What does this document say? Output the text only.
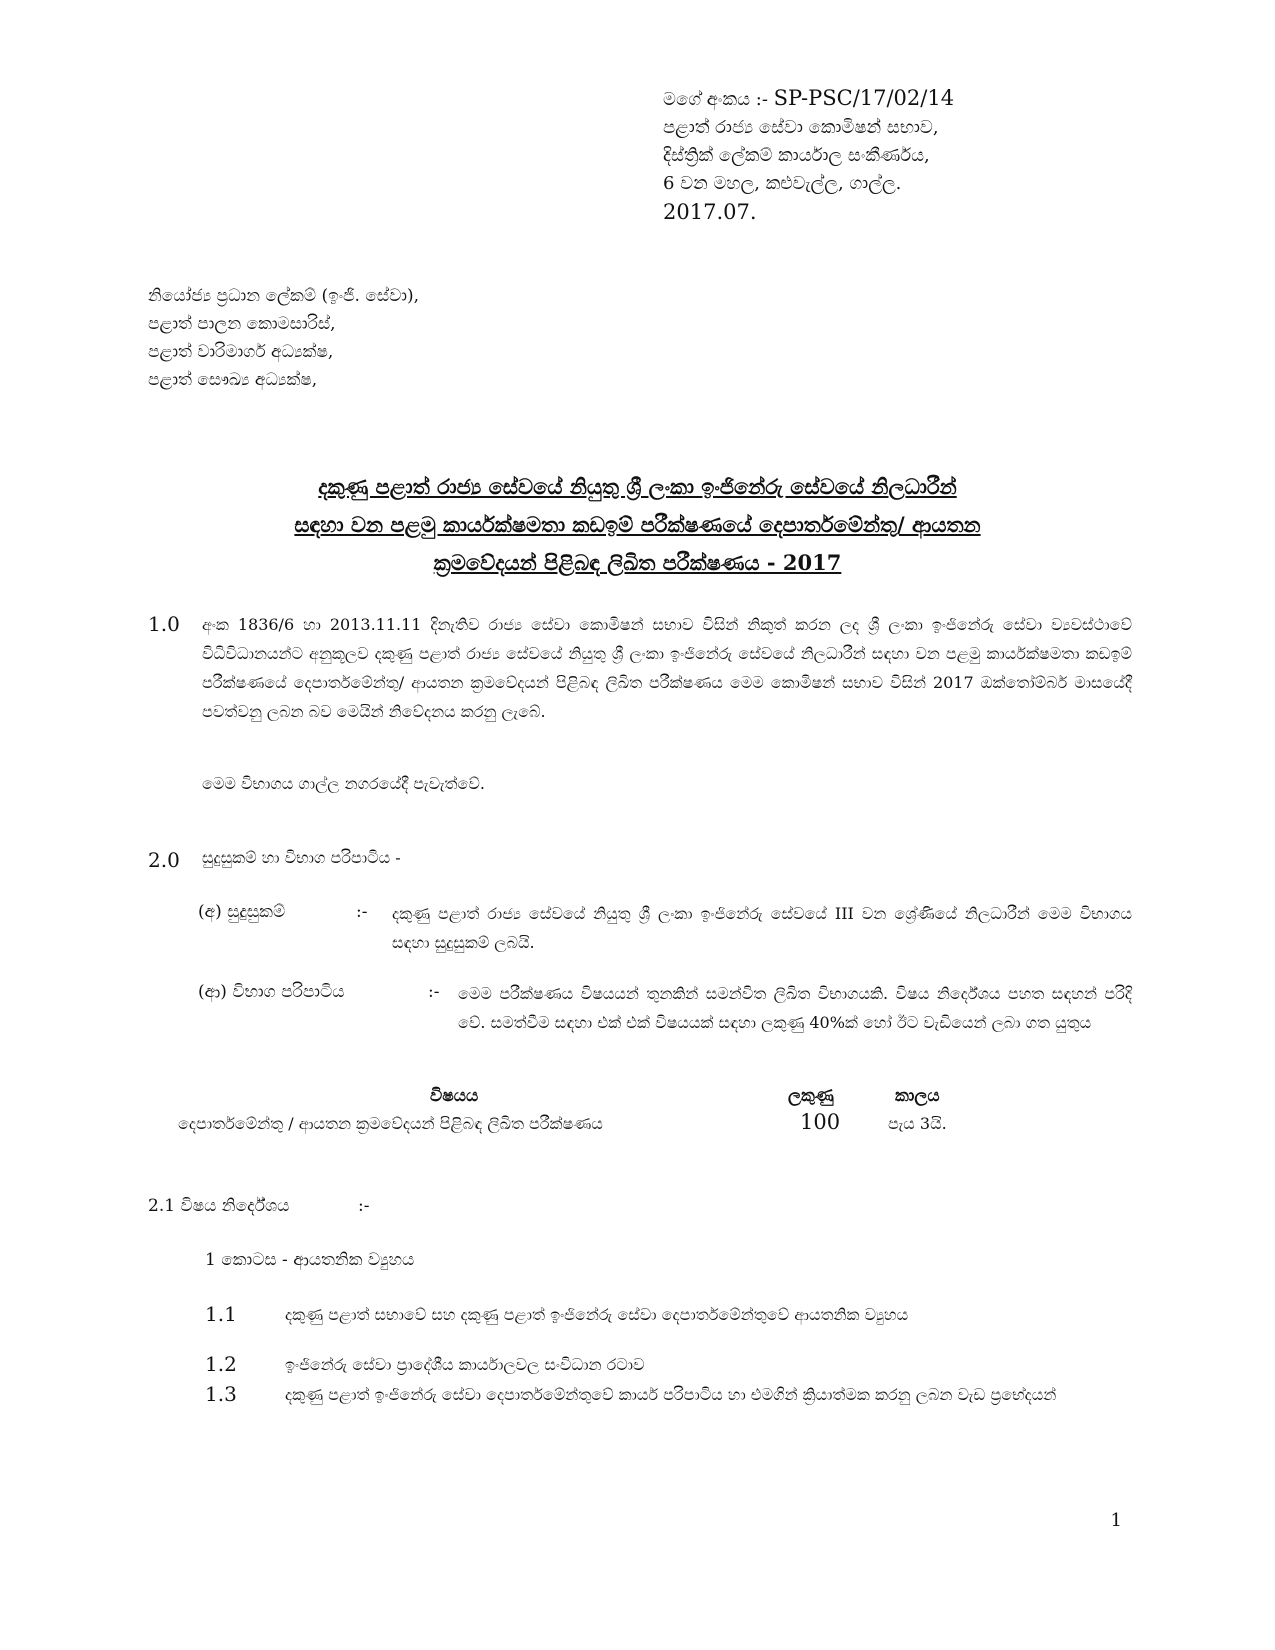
මගේ අංකය :- SP-PSC/17/02/14
පළාත් රාජ්‍ය සේවා කොමිෂන් සභාව,
දිස්ත්‍රික් ලේකම් කාර්යාල සංකීර්ණය,
6 වන මහල, කළුවැල්ල, ගාල්ල.
2017.07.
නියෝජ්‍ය ප්‍රධාන ලේකම් (ඉංජි. සේවා),
පළාත් පාලන කොමසාරිස්,
පළාත් වාරිමාර්ග අධ්‍යක්ෂ,
පළාත් සෞඛ්‍ය අධ්‍යක්ෂ,
දකුණු පළාත් රාජ්‍ය සේවයේ නියුතු ශ්‍රී ලංකා ඉංජිනේරු සේවයේ නිලධාරීන්
සඳහා වන පළමු කාර්යක්ෂමතා කඩඉම් පරීක්ෂණයේ දෙපාර්තමේන්තු/ ආයතන
ක්‍රමවේදයන් පිළිබඳ ලිඛිත පරීක්ෂණය - 2017
1.0 අංක 1836/6 හා 2013.11.11 දිනැතිව රාජ්‍ය සේවා කොමිෂන් සභාව විසින් නිකුත් කරන ලද ශ්‍රී ලංකා ඉංජිනේරු සේවා ව්‍යවස්ථාවේ විධිවිධානයන්ට අනුකූලව දකුණු පළාත් රාජ්‍ය සේවයේ නියුතු ශ්‍රී ලංකා ඉංජිනේරු සේවයේ නිලධාරීන් සඳහා වන පළමු කාර්යක්ෂමතා කඩඉම් පරීක්ෂණයේ දෙපාර්තමේන්තු/ ආයතන ක්‍රමවේදයන් පිළිබඳ ලිඛිත පරීක්ෂණය මෙම කොමිෂන් සභාව විසින් 2017 ඔක්තෝම්බර් මාසයේදී පවත්වනු ලබන බව මෙයින් නිවේදනය කරනු ලැබේ.
මෙම විභාගය ගාල්ල නගරයේදී පැවැත්වේ.
2.0 සුදුසුකම් හා විභාග පරිපාටිය -
(අ) සුදුසුකම්	:- දකුණු පළාත් රාජ්‍ය සේවයේ නියුතු ශ්‍රී ලංකා ඉංජිනේරු සේවයේ III වන ශ්‍රේණියේ නිලධාරීන් මෙම විභාගය සඳහා සුදුසුකම් ලබයි.
(ආ) විභාග පරිපාටිය	:- මෙම පරීක්ෂණය විෂයයන් තුනකින් සමන්විත ලිඛිත විභාගයකි. විෂය නිර්දේශය පහත සඳහන් පරිදි වේ. සමත්වීම සඳහා එක් එක් විෂයයක් සඳහා ලකුණු 40%ක් හෝ ඊට වැඩියෙන් ලබා ගත යුතුය
විෂයය	ලකුණු	කාලය
දෙපාර්තමේන්තු / ආයතන ක්‍රමවේදයන් පිළිබඳ ලිඛිත පරීක්ෂණය	100	පැය 3යි.
2.1 විෂය නිර්දේශය	:-
1 කොටස - ආයතනික ව්‍යුහය
1.1	දකුණු පළාත් සභාවේ සහ දකුණු පළාත් ඉංජිනේරු සේවා දෙපාර්තමේන්තුවේ ආයතනික ව්‍යුහය
1.2	ඉංජිනේරු සේවා ප්‍රාදේශීය කාර්යාලවල සංවිධාන රටාව
1.3	දකුණු පළාත් ඉංජිනේරු සේවා දෙපාර්තමේන්තුවේ කාර්ය පරිපාටිය හා එමගින් ක්‍රියාත්මක කරනු ලබන වැඩ ප්‍රභේදයන්
1
